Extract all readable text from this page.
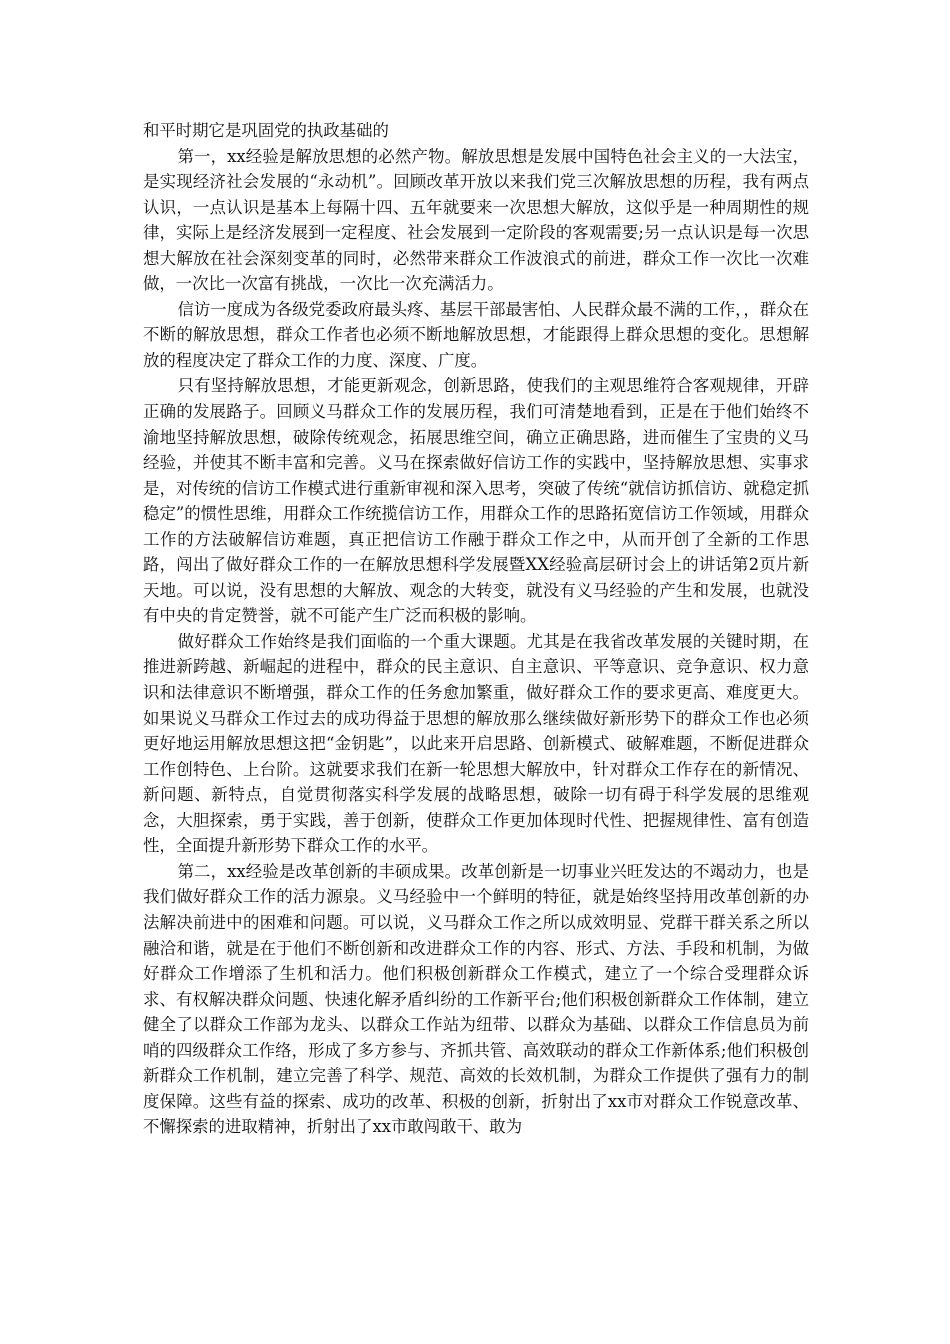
和平时期它是巩固党的执政基础的

第一，xx经验是解放思想的必然产物。解放思想是发展中国特色社会主义的一大法宝，是实现经济社会发展的“永动机”。回顾改革开放以来我们党三次解放思想的历程，我有两点认识，一点认识是基本上每隔十四、五年就要来一次思想大解放，这似乎是一种周期性的规律，实际上是经济发展到一定程度、社会发展到一定阶段的客观需要;另一点认识是每一次思想大解放在社会深刻变革的同时，必然带来群众工作波浪式的前进，群众工作一次比一次难做，一次比一次富有挑战，一次比一次充满活力。

信访一度成为各级党委政府最头疼、基层干部最害怕、人民群众最不满的工作，，群众在不断的解放思想，群众工作者也必须不断地解放思想，才能跟得上群众思想的变化。思想解放的程度决定了群众工作的力度、深度、广度。

只有坚持解放思想，才能更新观念，创新思路，使我们的主观思维符合客观规律，开辟正确的发展路子。回顾义马群众工作的发展历程，我们可清楚地看到，正是在于他们始终不渝地坚持解放思想，破除传统观念，拓展思维空间，确立正确思路，进而催生了宝贵的义马经验，并使其不断丰富和完善。义马在探索做好信访工作的实践中，坚持解放思想、实事求是，对传统的信访工作模式进行重新审视和深入思考，突破了传统“就信访抓信访、就稳定抓稳定”的惯性思维，用群众工作统揽信访工作，用群众工作的思路拓宽信访工作领域，用群众工作的方法破解信访难题，真正把信访工作融于群众工作之中，从而开创了全新的工作思路，闯出了做好群众工作的一在解放思想科学发展暨XX经验高层研讨会上的讲话第2页片新天地。可以说，没有思想的大解放、观念的大转变，就没有义马经验的产生和发展，也就没有中央的肯定赞誉，就不可能产生广泛而积极的影响。

做好群众工作始终是我们面临的一个重大课题。尤其是在我省改革发展的关键时期，在推进新跨越、新崛起的进程中，群众的民主意识、自主意识、平等意识、竞争意识、权力意识和法律意识不断增强，群众工作的任务愈加繁重，做好群众工作的要求更高、难度更大。如果说义马群众工作过去的成功得益于思想的解放那么继续做好新形势下的群众工作也必须更好地运用解放思想这把“金钥匙”，以此来开启思路、创新模式、破解难题，不断促进群众工作创特色、上台阶。这就要求我们在新一轮思想大解放中，针对群众工作存在的新情况、新问题、新特点，自觉贯彻落实科学发展的战略思想，破除一切有碍于科学发展的思维观念，大胆探索，勇于实践，善于创新，使群众工作更加体现时代性、把握规律性、富有创造性，全面提升新形势下群众工作的水平。

第二，xx经验是改革创新的丰硕成果。改革创新是一切事业兴旺发达的不竭动力，也是我们做好群众工作的活力源泉。义马经验中一个鲜明的特征，就是始终坚持用改革创新的办法解决前进中的困难和问题。可以说，义马群众工作之所以成效明显、党群干群关系之所以融洽和谐，就是在于他们不断创新和改进群众工作的内容、形式、方法、手段和机制，为做好群众工作增添了生机和活力。他们积极创新群众工作模式，建立了一个综合受理群众诉求、有权解决群众问题、快速化解矛盾纠纷的工作新平台;他们积极创新群众工作体制，建立健全了以群众工作部为龙头、以群众工作站为纽带、以群众为基础、以群众工作信息员为前哨的四级群众工作络，形成了多方参与、齐抓共管、高效联动的群众工作新体系;他们积极创新群众工作机制，建立完善了科学、规范、高效的长效机制，为群众工作提供了强有力的制度保障。这些有益的探索、成功的改革、积极的创新，折射出了xx市对群众工作锐意改革、不懈探索的进取精神，折射出了xx市敢闯敢干、敢为
